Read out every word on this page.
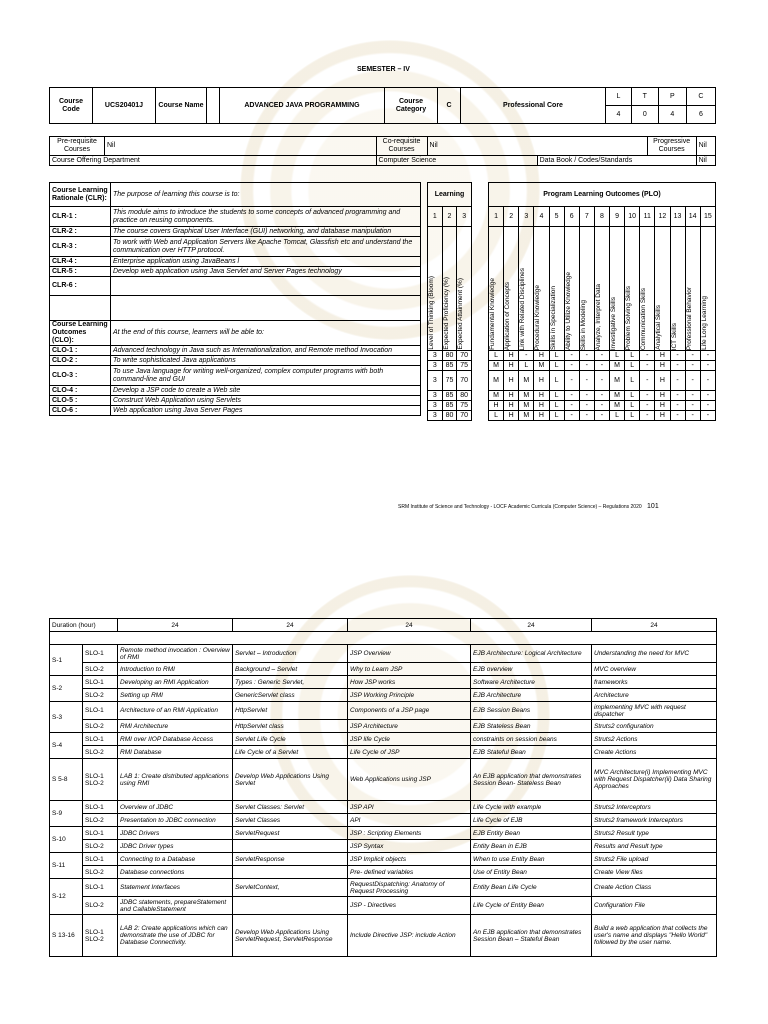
SEMESTER – IV
Course Code	UCS20401J	Course Name		ADVANCED JAVA PROGRAMMING	Course Category	C	Professional Core	L	T	P	C
								4	0	4	6
Pre-requisite Courses	Nil	Co-requisite Courses	Nil		Progressive Courses	Nil
Course Offering Department		Computer Science		Data Book / Codes/Standards		Nil
Course Learning Rationale (CLR):	The purpose of learning this course is to:
CLR-1 :	This module aims to introduce the students to some concepts of advanced programming and practice on reusing components.
CLR-2 :	The course covers Graphical User Interface (GUI) networking, and database manipulation
CLR-3 :	To work with Web and Application Servers like Apache Tomcat, Glassfish etc and understand the communication over HTTP protocol.
CLR-4 :	Enterprise application using JavaBeans l
CLR-5 :	Develop web application using Java Servlet and Server Pages technology
CLR-6 :	

Course Learning Outcomes (CLO):	At the end of this course, learners will be able to:
CLO-1 :	Advanced technology in Java such as Internationalization, and Remote method Invocation
CLO-2 :	To write sophisticated Java applications
CLO-3 :	To use Java language for writing well-organized, complex computer programs with both command-line and GUI
CLO-4 :	Develop a JSP code to create a Web site
CLO-5 :	Construct Web Application using Servlets
CLO-6 :	Web application using Java Server Pages
Learning		
1	2	3

Level of Thinking (Bloom)	Expected Proficiency (%)	Expected Attainment (%)

3	80	70
3	85	75
3	75	70
3	85	80
3	85	75
3	80	70
Program Learning Outcomes (PLO)														
1	2	3	4	5	6	7	8	9	10	11	12	13	14	15

Fundamental Knowledge	Application of Concepts	Link with Related Disciplines	Procedural Knowledge	Skills in Specialization	Ability to Utilize Knowledge	Skills in Modeling	Analyze, Interpret Data	Investigative Skills	Problem Solving Skills	Communication Skills	Analytical Skills	ICT Skills	Professional Behavior	Life Long Learning

L	H	-	H	L	-	-	-	L	L	-	H	-	-	-
M	H	L	M	L	-	-	-	M	L	-	H	-	-	-
M	H	M	H	L	-	-	-	M	L	-	H	-	-	-
M	H	M	H	L	-	-	-	M	L	-	H	-	-	-
H	H	M	H	L	-	-	-	M	L	-	H	-	-	-
L	H	M	H	L	-	-	-	L	L	-	H	-	-	-
SRM Institute of Science and Technology - LOCF Academic Curricula (Computer Science) – Regulations 2020 101
Duration (hour)		24	24	24	24	24

S-1	SLO-1	Remote method invocation : Overview of RMI	Servlet – Introduction	JSP Overview	EJB Architecture: Logical Architecture	Understanding the need for MVC
	SLO-2	Introduction to RMI	Background – Servlet	Why to Learn JSP	EJB overview	MVC overview
S-2	SLO-1	Developing an RMI Application	Types : Generic Servlet,	How JSP works	Software Architecture	frameworks
	SLO-2	Setting up RMI	GenericServlet class	JSP Working Principle	EJB Architecture	Architecture
S-3	SLO-1	Architecture of an RMI Application	HttpServlet	Components of a JSP page	EJB Session Beans	implementing MVC with request dispatcher
	SLO-2	RMI Architecture	HttpServlet class	JSP Architecture	EJB Stateless Bean	Struts2 configuration
S-4	SLO-1	RMI over IIOP Database Access	Servlet Life Cycle	JSP life Cycle	constraints on session beans	Struts2 Actions
	SLO-2	RMI Database	Life Cycle of a Servlet	Life Cycle of JSP	EJB Stateful Bean	Create Actions
S 5-8	SLO-1 SLO-2	LAB 1: Create distributed applications using RMI	Develop Web Applications Using Servlet	Web Applications using JSP	An EJB application that demonstrates Session Bean- Stateless Bean	MVC Architecture(i) Implementing MVC with Request Dispatcher(ii) Data Sharing Approaches
S-9	SLO-1	Overview of JDBC	Servlet Classes: Servlet	JSP API	Life Cycle with example	Struts2 Interceptors
	SLO-2	Presentation to JDBC connection	Servlet Classes	API	Life Cycle of EJB	Struts2 framework Interceptors
S-10	SLO-1	JDBC Drivers	ServletRequest	JSP : Scripting Elements	EJB Entity Bean	Struts2 Result type
	SLO-2	JDBC Driver types		JSP Syntax	Entity Bean in EJB	Results and Result type
S-11	SLO-1	Connecting to a Database	ServletResponse	JSP Implicit objects	When to use Entity Bean	Struts2 File upload
	SLO-2	Database connections		Pre- defined variables	Use of Entity Bean	Create View files
S-12	SLO-1	Statement Interfaces	ServletContext,	RequestDispatching: Anatomy of Request Processing	Entity Bean Life Cycle	Create Action Class
	SLO-2	JDBC statements, prepareStatement and CallableStatement		JSP - Directives	Life Cycle of Entity Bean	Configuration File
S 13-16	SLO-1 SLO-2	LAB 2: Create applications which can demonstrate the use of JDBC for Database Connectivity.	Develop Web Applications Using ServletRequest, ServletResponse	Include Directive JSP: include Action	An EJB application that demonstrates Session Bean – Stateful Bean	Build a web application that collects the user's name and displays "Hello World" followed by the user name.
